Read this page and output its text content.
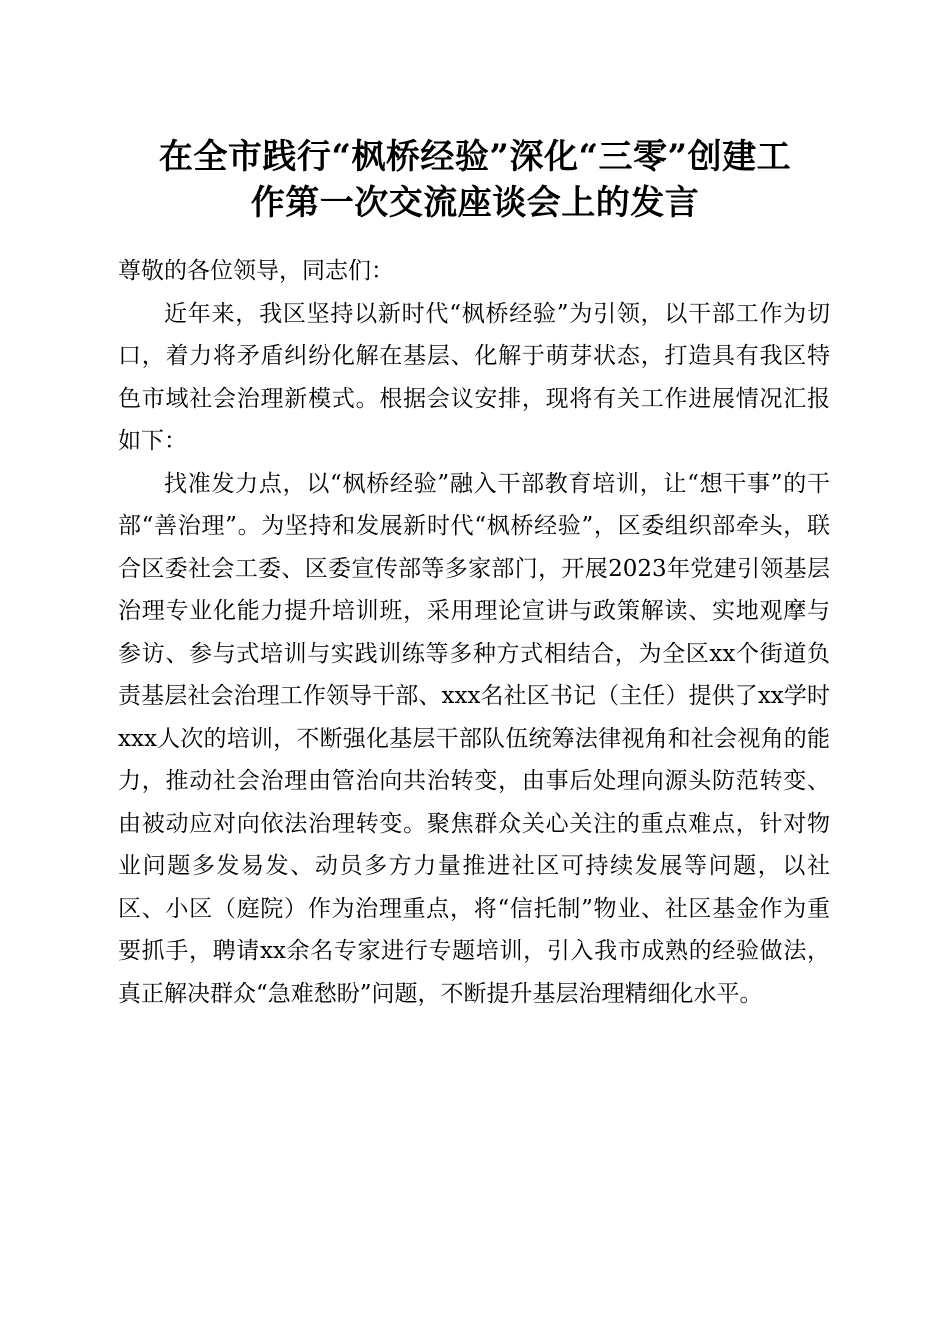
在全市践行“枫桥经验”深化“三零”创建工
作第一次交流座谈会上的发言

尊敬的各位领导，同志们：

近年来，我区坚持以新时代“枫桥经验”为引领，以干部工作为切口，着力将矛盾纠纷化解在基层、化解于萌芽状态，打造具有我区特色市域社会治理新模式。根据会议安排，现将有关工作进展情况汇报如下：

找准发力点，以“枫桥经验”融入干部教育培训，让“想干事”的干部“善治理”。为坚持和发展新时代“枫桥经验”，区委组织部牵头，联合区委社会工委、区委宣传部等多家部门，开展2023年党建引领基层治理专业化能力提升培训班，采用理论宣讲与政策解读、实地观摩与参访、参与式培训与实践训练等多种方式相结合，为全区xx个街道负责基层社会治理工作领导干部、xxx名社区书记（主任）提供了xx学时xxx人次的培训，不断强化基层干部队伍统筹法律视角和社会视角的能力，推动社会治理由管治向共治转变，由事后处理向源头防范转变、由被动应对向依法治理转变。聚焦群众关心关注的重点难点，针对物业问题多发易发、动员多方力量推进社区可持续发展等问题，以社区、小区（庭院）作为治理重点，将“信托制”物业、社区基金作为重要抓手，聘请xx余名专家进行专题培训，引入我市成熟的经验做法，真正解决群众“急难愁盼”问题，不断提升基层治理精细化水平。
